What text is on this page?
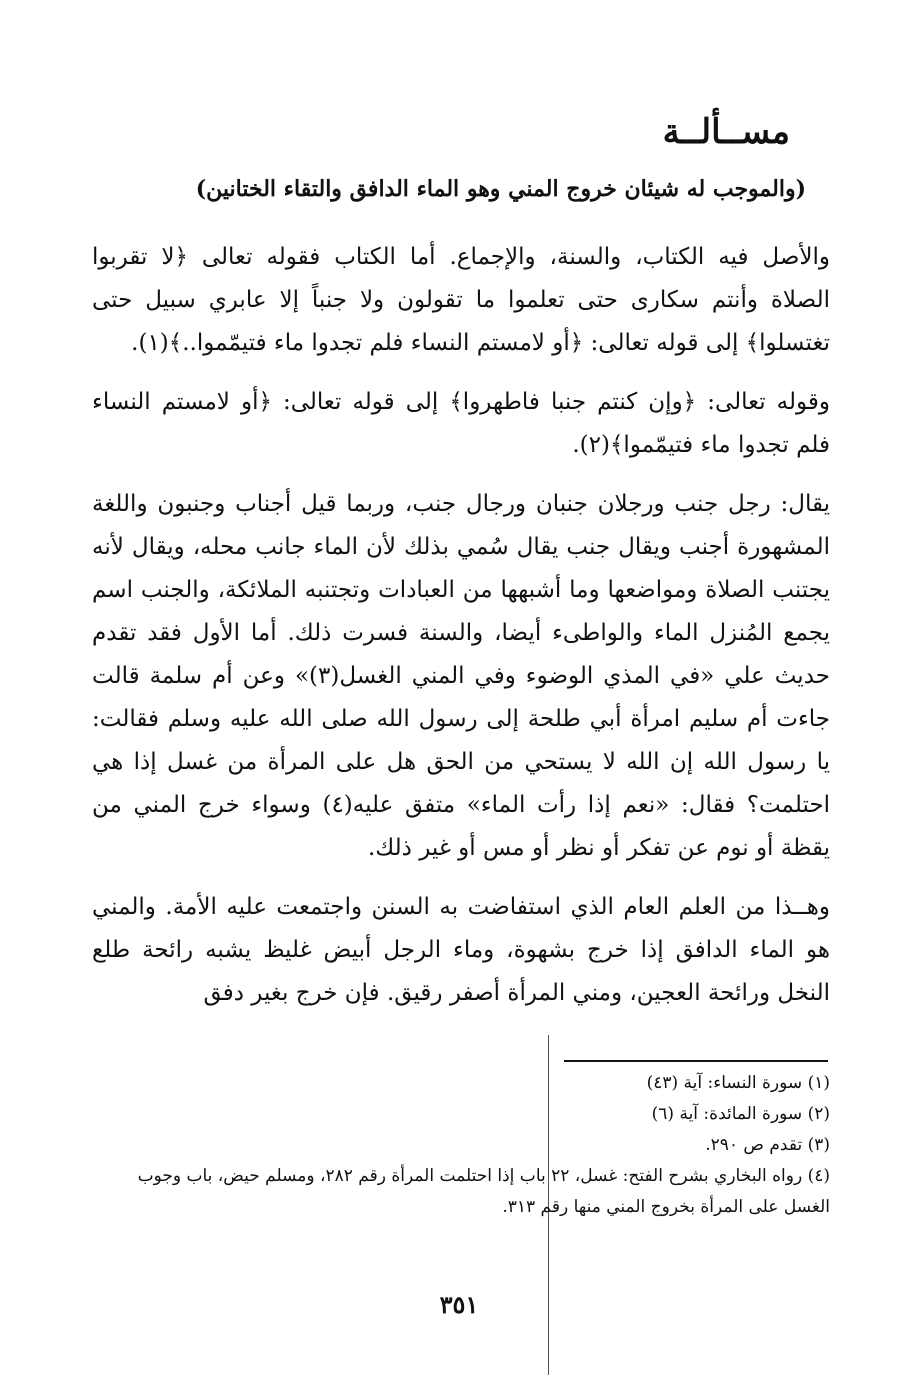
مســألــة
(والموجب له شيئان خروج المني وهو الماء الدافق والتقاء الختانين)

والأصل فيه الكتاب، والسنة، والإجماع. أما الكتاب فقوله تعالى ﴿لا تقربوا الصلاة وأنتم سكارى حتى تعلموا ما تقولون ولا جنباً إلا عابري سبيل حتى تغتسلوا﴾ إلى قوله تعالى: ﴿أو لامستم النساء فلم تجدوا ماء فتيمّموا..﴾(١).

وقوله تعالى: ﴿وإن كنتم جنبا فاطهروا﴾ إلى قوله تعالى: ﴿أو لامستم النساء فلم تجدوا ماء فتيمّموا﴾(٢).

يقال: رجل جنب ورجلان جنبان ورجال جنب، وربما قيل أجناب وجنبون واللغة المشهورة أجنب ويقال جنب يقال سُمي بذلك لأن الماء جانب محله، ويقال لأنه يجتنب الصلاة ومواضعها وما أشبهها من العبادات وتجتنبه الملائكة، والجنب اسم يجمع المُنزل الماء والواطىء أيضا، والسنة فسرت ذلك. أما الأول فقد تقدم حديث علي «في المذي الوضوء وفي المني الغسل(٣)» وعن أم سلمة قالت جاءت أم سليم امرأة أبي طلحة إلى رسول الله صلى الله عليه وسلم فقالت: يا رسول الله إن الله لا يستحي من الحق هل على المرأة من غسل إذا هي احتلمت؟ فقال: «نعم إذا رأت الماء» متفق عليه(٤) وسواء خرج المني من يقظة أو نوم عن تفكر أو نظر أو مس أو غير ذلك.

وهــذا من العلم العام الذي استفاضت به السنن واجتمعت عليه الأمة. والمني هو الماء الدافق إذا خرج بشهوة، وماء الرجل أبيض غليظ يشبه رائحة طلع النخل ورائحة العجين، ومني المرأة أصفر رقيق. فإن خرج بغير دفق

(١) سورة النساء: آية (٤٣)

(٢) سورة المائدة: آية (٦)

(٣) تقدم ص ٢٩٠.

(٤) رواه البخاري بشرح الفتح: غسل، ٢٢ باب إذا احتلمت المرأة رقم ٢٨٢، ومسلم حيض، باب وجوب الغسل على المرأة بخروج المني منها رقم ٣١٣.

٣٥١
